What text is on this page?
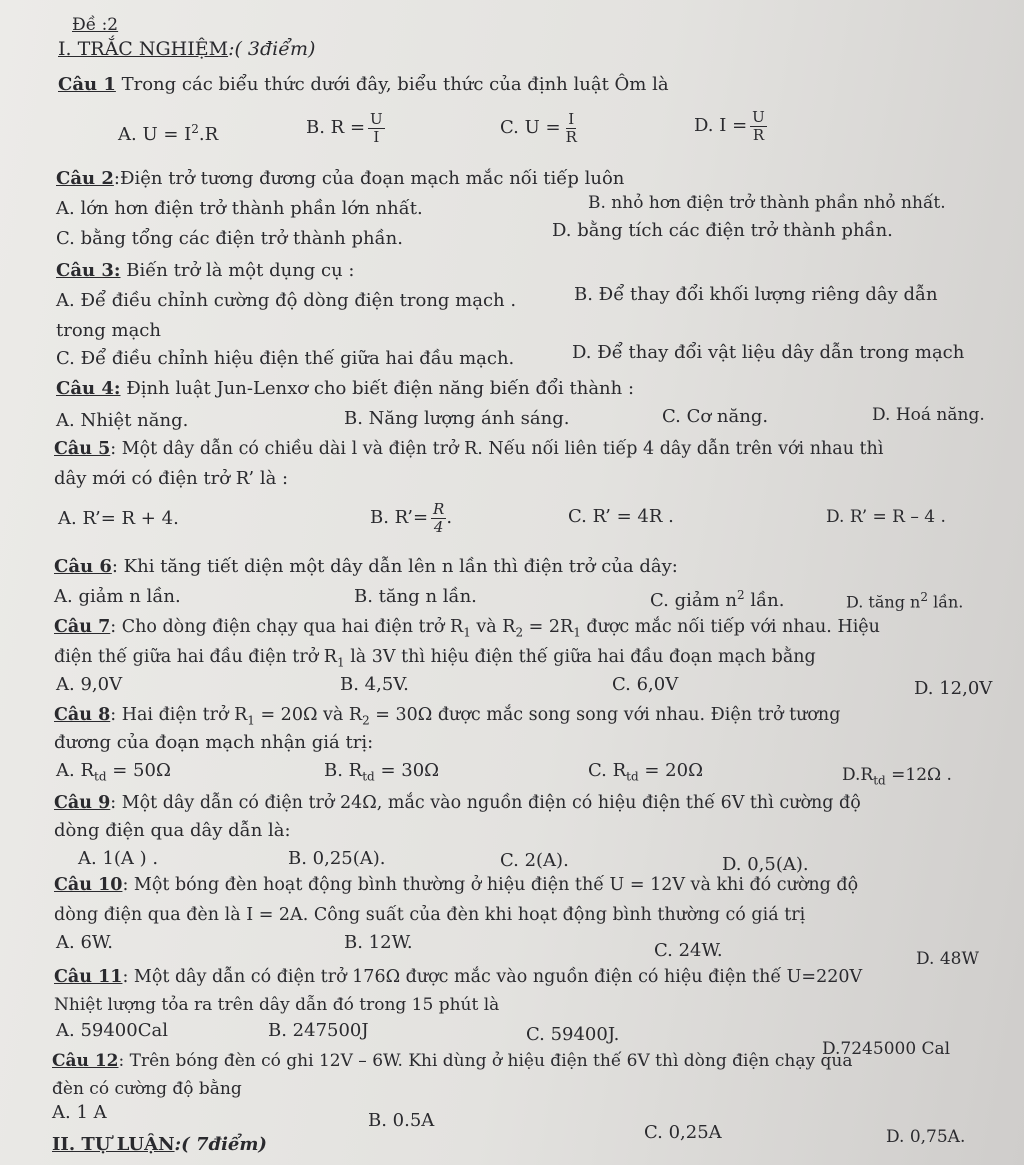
Đề :2
I. TRẮC NGHIỆM:( 3điểm)
Câu 1 Trong các biểu thức dưới đây, biểu thức của định luật Ôm là
A. $U = I^2.R$	B. $R = \frac{U}{I}$	C. $U = \frac{I}{R}$	D. $I = \frac{U}{R}$
Câu 2:Điện trở tương đương của đoạn mạch mắc nối tiếp luôn
A. lớn hơn điện trở thành phần lớn nhất.	B. nhỏ hơn điện trở thành phần nhỏ nhất.
C. bằng tổng các điện trở thành phần.	D. bằng tích các điện trở thành phần.
Câu 3: Biến trở là một dụng cụ :
A. Để điều chỉnh cường độ dòng điện trong mạch .	B. Để thay đổi khối lượng riêng dây dẫn
trong mạch
C. Để điều chỉnh hiệu điện thế giữa hai đầu mạch.	D. Để thay đổi vật liệu dây dẫn trong mạch
Câu 4: Định luật Jun-Lenxơ cho biết điện năng biến đổi thành :
A. Nhiệt năng.	B. Năng lượng ánh sáng.	C. Cơ năng.	D. Hoá năng.
Câu 5: Một dây dẫn có chiều dài l và điện trở R. Nếu nối liên tiếp 4 dây dẫn trên với nhau thì
dây mới có điện trở R’ là :
A. R’= R + 4.	B. R’= $\frac{R}{4}$ .	C. R’ = 4R .	D. R’ = R – 4 .
Câu 6: Khi tăng tiết diện một dây dẫn lên n lần thì điện trở của dây:
A. giảm n lần.	B. tăng n lần.	C. giảm $n^2$ lần.	D. tăng $n^2$ lần.
Câu 7: Cho dòng điện chạy qua hai điện trở $R_1$ và $R_2 = 2R_1$ được mắc nối tiếp với nhau. Hiệu
điện thế giữa hai đầu điện trở $R_1$ là 3V thì hiệu điện thế giữa hai đầu đoạn mạch bằng
A. 9,0V	B. 4,5V.	C. 6,0V	D. 12,0V
Câu 8: Hai điện trở $R_1 = 20\Omega$ và $R_2 = 30\Omega$ được mắc song song với nhau. Điện trở tương
đương của đoạn mạch nhận giá trị:
A. $R_{td} = 50\Omega$	B. $R_{td} = 30\Omega$	C. $R_{td} = 20\Omega$	$D.R_{td} =12\Omega$ .
Câu 9: Một dây dẫn có điện trở 24Ω, mắc vào nguồn điện có hiệu điện thế 6V thì cường độ
dòng điện qua dây dẫn là:
A. 1(A ) .	B. 0,25(A).	C. 2(A).	D. 0,5(A).
Câu 10: Một bóng đèn hoạt động bình thường ở hiệu điện thế U = 12V và khi đó cường độ
dòng điện qua đèn là I = 2A. Công suất của đèn khi hoạt động bình thường có giá trị
A. 6W.	B. 12W.	C. 24W.	D. 48W
Câu 11: Một dây dẫn có điện trở 176Ω được mắc vào nguồn điện có hiệu điện thế U=220V
Nhiệt lượng tỏa ra trên dây dẫn đó trong 15 phút là
A. 59400Cal	B. 247500J	C. 59400J.
D.7245000 Cal
Câu 12: Trên bóng đèn có ghi 12V – 6W. Khi dùng ở hiệu điện thế 6V thì dòng điện chạy qua
đèn có cường độ bằng
A. 1 A	B. 0.5A
C. 0,25A	D. 0,75A.
II. TỰ LUẬN:( 7điểm)
